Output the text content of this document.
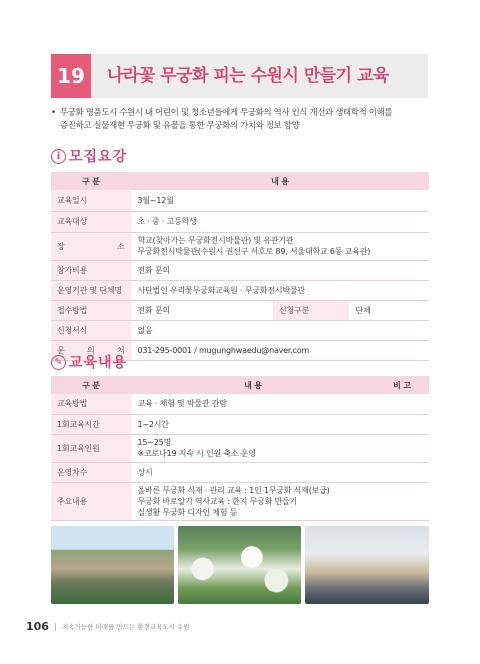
19	나라꽃 무궁화 피는 수원시 만들기 교육
• 무궁화 명품도시 수원시 내 어린이 및 청소년들에게 무궁화의 역사 인식 개선과 생태학적 이해를
증진하고 실물재현 무궁화 및 유물을 통한 무궁화의 가치와 정보 함양
i 모집요강
구 분	내 용		
교육일시	3월~12월		
교육대상	초 · 중 · 고등학생		
장 소	학교(찾아가는 무궁화전시박물관) 및 유관기관
무궁화전시박물관(수원시 권선구 서호로 89, 서울대학교 6동 교육관)		

참가비용	전화 문의		
운영기관 및 단체명	사단법인 우리꽃무궁화교육원 · 무궁화전시박물관		
접수방법	전화 문의	신청구분	단체
신청서식	없음		
문 의 처	031-295-0001 / mugunghwaedu@naver.com		
✎ 교육내용
구 분	내 용	비 고
교육방법	교육 · 체험 및 박물관 관람	
1회교육시간	1~2시간	
1회교육인원	15~25명
※코로나19 지속 시 인원 축소 운영	

운영차수	상시	
주요내용	올바른 무궁화 식재 · 관리 교육 : 1인 1무궁화 식재(보급)
무궁화 바로알기 역사교육 : 한지 무궁화 만들기
실생활 무궁화 디자인 체험 등	

106 지속가능한 미래를 만드는 환경교육도시 수원
